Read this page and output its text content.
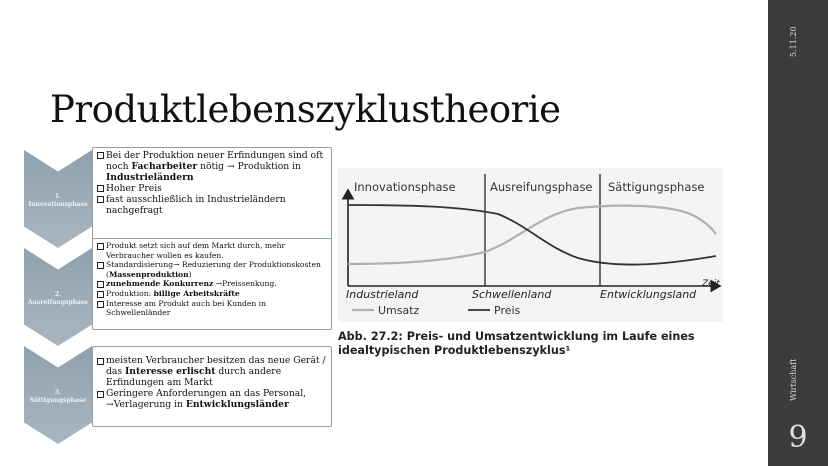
5.11.20
Wirtschaft
9
Produktlebenszyklustheorie
1.
Innovationsphase
2.
Ausreifungsphase
3.
Sättigungsphase
Bei der Produktion neuer Erfindungen sind oft noch Facharbeiter nötig → Produktion in Industrieländern
Hoher Preis
fast ausschließlich in Industrieländern nachgefragt
Produkt setzt sich auf dem Markt durch, mehr Verbraucher wollen es kaufen.
Standardisierung→ Reduzierung der Produktionskosten (Massenproduktion)
zunehmende Konkurrenz →Preissenkung.
Produktion: billige Arbeitskräfte
Interesse am Produkt auch bei Kunden in Schwellenländer
meisten Verbraucher besitzen das neue Gerät / das Interesse erlischt durch andere Erfindungen am Markt
Geringere Anforderungen an das Personal, →Verlagerung in Entwicklungsländer
Innovationsphase	Ausreifungsphase Sättigungsphase
Industrieland	Schwellenland	Entwicklungsland
Zeit
Umsatz	Preis
Abb. 27.2: Preis- und Umsatzentwicklung im Laufe eines idealtypischen Produktlebenszyklus¹
